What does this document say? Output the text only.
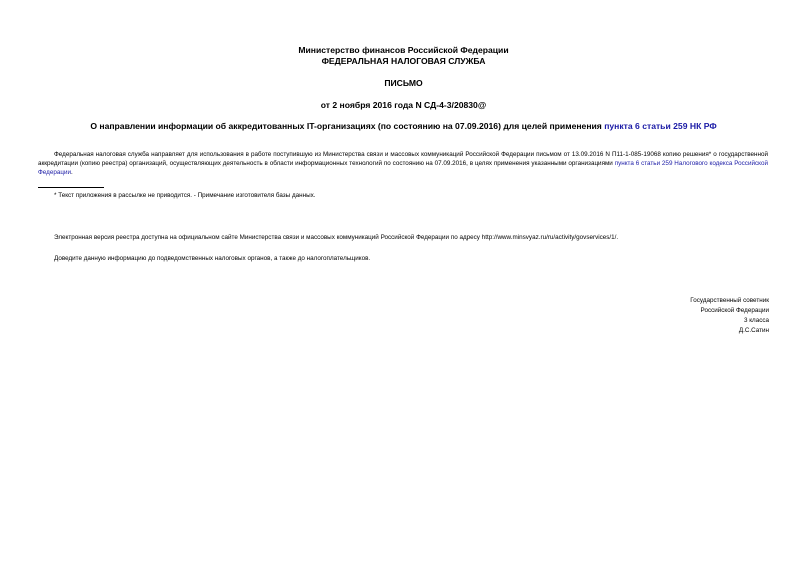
Министерство финансов Российской Федерации
ФЕДЕРАЛЬНАЯ НАЛОГОВАЯ СЛУЖБА
ПИСЬМО
от 2 ноября 2016 года N СД-4-3/20830@
О направлении информации об аккредитованных IT-организациях (по состоянию на 07.09.2016) для целей применения пункта 6 статьи 259 НК РФ
Федеральная налоговая служба направляет для использования в работе поступившую из Министерства связи и массовых коммуникаций Российской Федерации письмом от 13.09.2016 N П11-1-085-19068 копию решения* о государственной аккредитации (копию реестра) организаций, осуществляющих деятельность в области информационных технологий по состоянию на 07.09.2016, в целях применения указанными организациями пункта 6 статьи 259 Налогового кодекса Российской Федерации.
* Текст приложения в рассылке не приводится. - Примечание изготовителя базы данных.
Электронная версия реестра доступна на официальном сайте Министерства связи и массовых коммуникаций Российской Федерации по адресу http://www.minsvyaz.ru/ru/activity/govservices/1/.
Доведите данную информацию до подведомственных налоговых органов, а также до налогоплательщиков.
Государственный советник
Российской Федерации
3 класса
Д.С.Сатин
